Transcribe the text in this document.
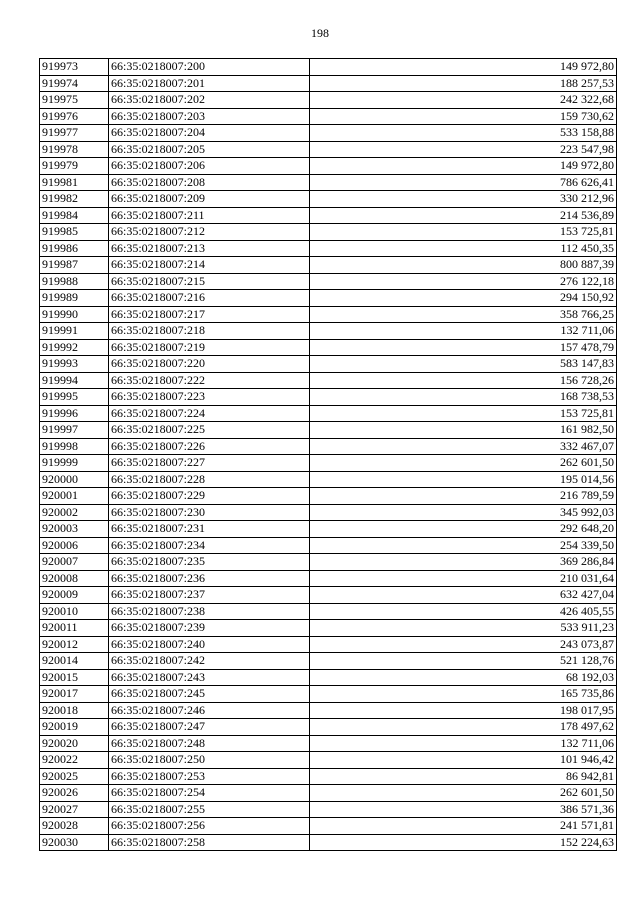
198
919973	66:35:0218007:200	149 972,80
919974	66:35:0218007:201	188 257,53
919975	66:35:0218007:202	242 322,68
919976	66:35:0218007:203	159 730,62
919977	66:35:0218007:204	533 158,88
919978	66:35:0218007:205	223 547,98
919979	66:35:0218007:206	149 972,80
919981	66:35:0218007:208	786 626,41
919982	66:35:0218007:209	330 212,96
919984	66:35:0218007:211	214 536,89
919985	66:35:0218007:212	153 725,81
919986	66:35:0218007:213	112 450,35
919987	66:35:0218007:214	800 887,39
919988	66:35:0218007:215	276 122,18
919989	66:35:0218007:216	294 150,92
919990	66:35:0218007:217	358 766,25
919991	66:35:0218007:218	132 711,06
919992	66:35:0218007:219	157 478,79
919993	66:35:0218007:220	583 147,83
919994	66:35:0218007:222	156 728,26
919995	66:35:0218007:223	168 738,53
919996	66:35:0218007:224	153 725,81
919997	66:35:0218007:225	161 982,50
919998	66:35:0218007:226	332 467,07
919999	66:35:0218007:227	262 601,50
920000	66:35:0218007:228	195 014,56
920001	66:35:0218007:229	216 789,59
920002	66:35:0218007:230	345 992,03
920003	66:35:0218007:231	292 648,20
920006	66:35:0218007:234	254 339,50
920007	66:35:0218007:235	369 286,84
920008	66:35:0218007:236	210 031,64
920009	66:35:0218007:237	632 427,04
920010	66:35:0218007:238	426 405,55
920011	66:35:0218007:239	533 911,23
920012	66:35:0218007:240	243 073,87
920014	66:35:0218007:242	521 128,76
920015	66:35:0218007:243	68 192,03
920017	66:35:0218007:245	165 735,86
920018	66:35:0218007:246	198 017,95
920019	66:35:0218007:247	178 497,62
920020	66:35:0218007:248	132 711,06
920022	66:35:0218007:250	101 946,42
920025	66:35:0218007:253	86 942,81
920026	66:35:0218007:254	262 601,50
920027	66:35:0218007:255	386 571,36
920028	66:35:0218007:256	241 571,81
920030	66:35:0218007:258	152 224,63
